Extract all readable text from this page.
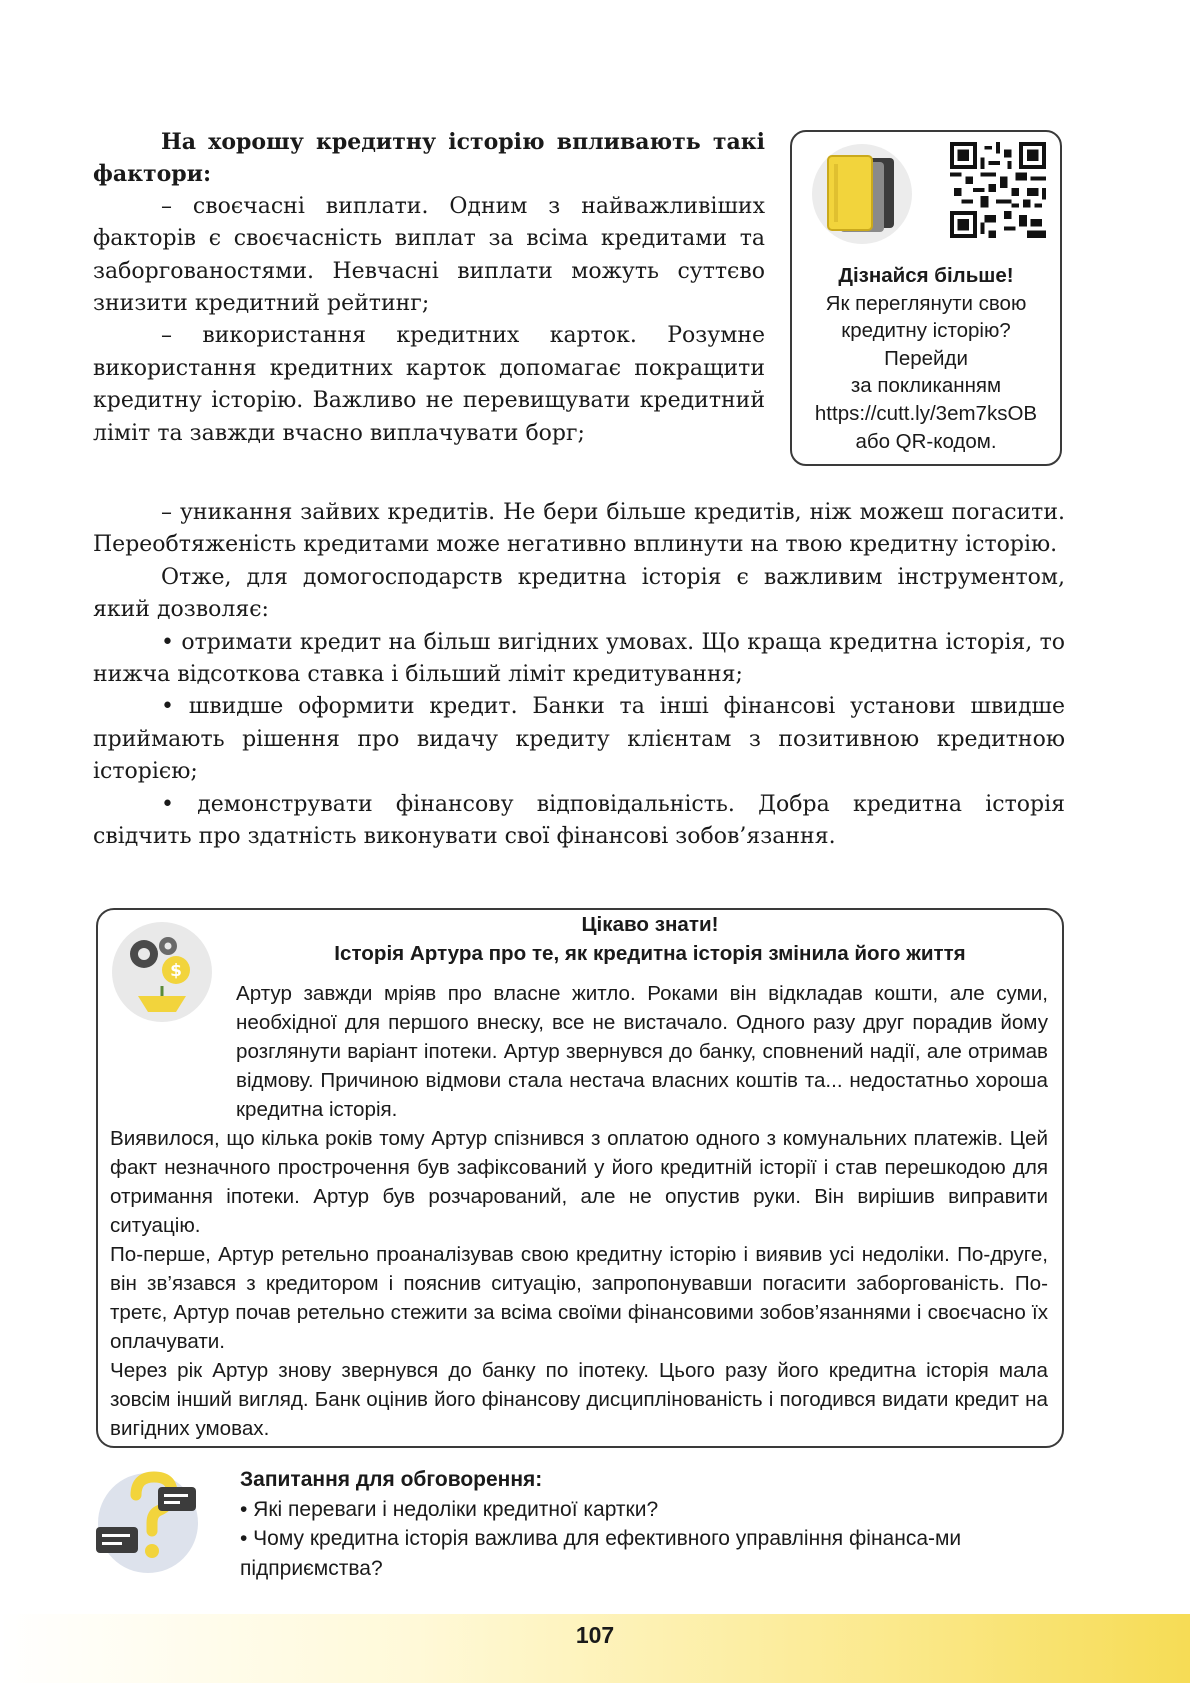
На хорошу кредитну історію впливають такі фактори:

– своєчасні виплати. Одним з найважливіших факторів є своєчасність виплат за всіма кредитами та заборгованостями. Невчасні виплати можуть суттєво знизити кредитний рейтинг;

– використання кредитних карток. Розумне використання кредитних карток допомагає покращити кредитну історію. Важливо не перевищувати кредитний ліміт та завжди вчасно виплачувати борг;

Дізнайся більше!
Як переглянути свою
кредитну історію?
Перейди
за покликанням
https://cutt.ly/3em7ksOB
або QR-кодом.

– уникання зайвих кредитів. Не бери більше кредитів, ніж можеш погасити. Переобтяженість кредитами може негативно вплинути на твою кредитну історію.

Отже, для домогосподарств кредитна історія є важливим інструментом, який дозволяє:

• отримати кредит на більш вигідних умовах. Що краща кредитна історія, то нижча відсоткова ставка і більший ліміт кредитування;

• швидше оформити кредит. Банки та інші фінансові установи швидше приймають рішення про видачу кредиту клієнтам з позитивною кредитною історією;

• демонструвати фінансову відповідальність. Добра кредитна історія свідчить про здатність виконувати свої фінансові зобов’язання.

$
Цікаво знати!
Історія Артура про те, як кредитна історія змінила його життя

Артур завжди мріяв про власне житло. Роками він відкладав кошти, але суми, необхідної для першого внеску, все не вистачало. Одного разу друг порадив йому розглянути варіант іпотеки. Артур звернувся до банку, сповнений надії, але отримав відмову. Причиною відмови стала нестача власних коштів та... недостатньо хороша кредитна історія.

Виявилося, що кілька років тому Артур спізнився з оплатою одного з комунальних платежів. Цей факт незначного прострочення був зафіксований у його кредитній історії і став перешкодою для отримання іпотеки. Артур був розчарований, але не опустив руки. Він вирішив виправити ситуацію.

По-перше, Артур ретельно проаналізував свою кредитну історію і виявив усі недоліки. По-друге, він зв’язався з кредитором і пояснив ситуацію, запропонувавши погасити заборгованість. По-третє, Артур почав ретельно стежити за всіма своїми фінансовими зобов’язаннями і своєчасно їх оплачувати.

Через рік Артур знову звернувся до банку по іпотеку. Цього разу його кредитна історія мала зовсім інший вигляд. Банк оцінив його фінансову дисциплінованість і погодився видати кредит на вигідних умовах.

Запитання для обговорення:

• Які переваги і недоліки кредитної картки?

• Чому кредитна історія важлива для ефективного управління фінанса-ми підприємства?

107
